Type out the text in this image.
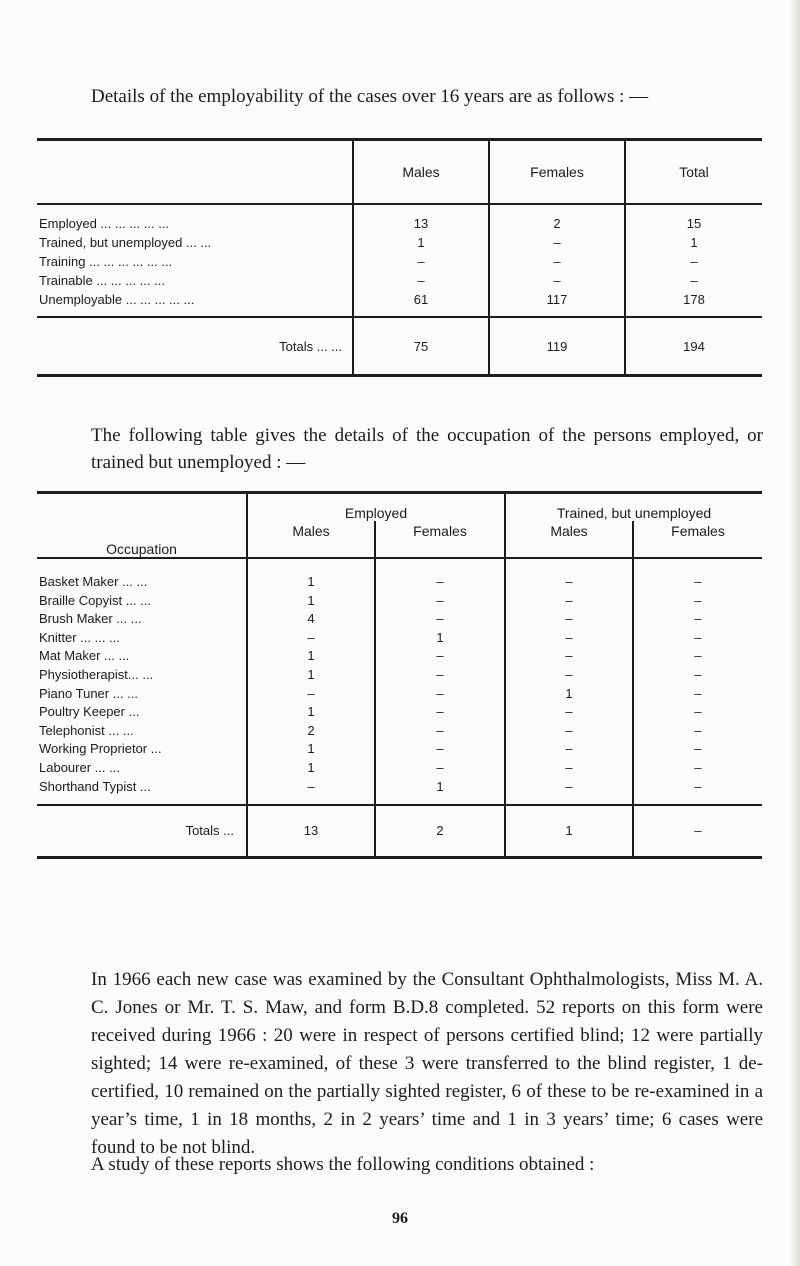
Details of the employability of the cases over 16 years are as follows : —

	Males	Females	Total
Employed ... ... ... ... ...	13	2	15
Trained, but unemployed ... ...	1	–	1
Training ... ... ... ... ... ...	–	–	–
Trainable ... ... ... ... ...	–	–	–
Unemployable ... ... ... ... ...	61	117	178
Totals ... ...	75	119	194

The following table gives the details of the occupation of the persons employed, or trained but unemployed : —

Occupation	Employed		Trained, but unemployed	
	Males	Females	Males	Females
Basket Maker ... ...	1	–	–	–
Braille Copyist ... ...	1	–	–	–
Brush Maker ... ...	4	–	–	–
Knitter ... ... ...	–	1	–	–
Mat Maker ... ...	1	–	–	–
Physiotherapist... ...	1	–	–	–
Piano Tuner ... ...	–	–	1	–
Poultry Keeper ...	1	–	–	–
Telephonist ... ...	2	–	–	–
Working Proprietor ...	1	–	–	–
Labourer ... ...	1	–	–	–
Shorthand Typist ...	–	1	–	–
Totals ...	13	2	1	–

In 1966 each new case was examined by the Consultant Ophthalmologists, Miss M. A. C. Jones or Mr. T. S. Maw, and form B.D.8 completed. 52 reports on this form were received during 1966 : 20 were in respect of persons certified blind; 12 were partially sighted; 14 were re-examined, of these 3 were transferred to the blind register, 1 de-certified, 10 remained on the partially sighted register, 6 of these to be re-examined in a year’s time, 1 in 18 months, 2 in 2 years’ time and 1 in 3 years’ time; 6 cases were found to be not blind.

A study of these reports shows the following conditions obtained :

96
